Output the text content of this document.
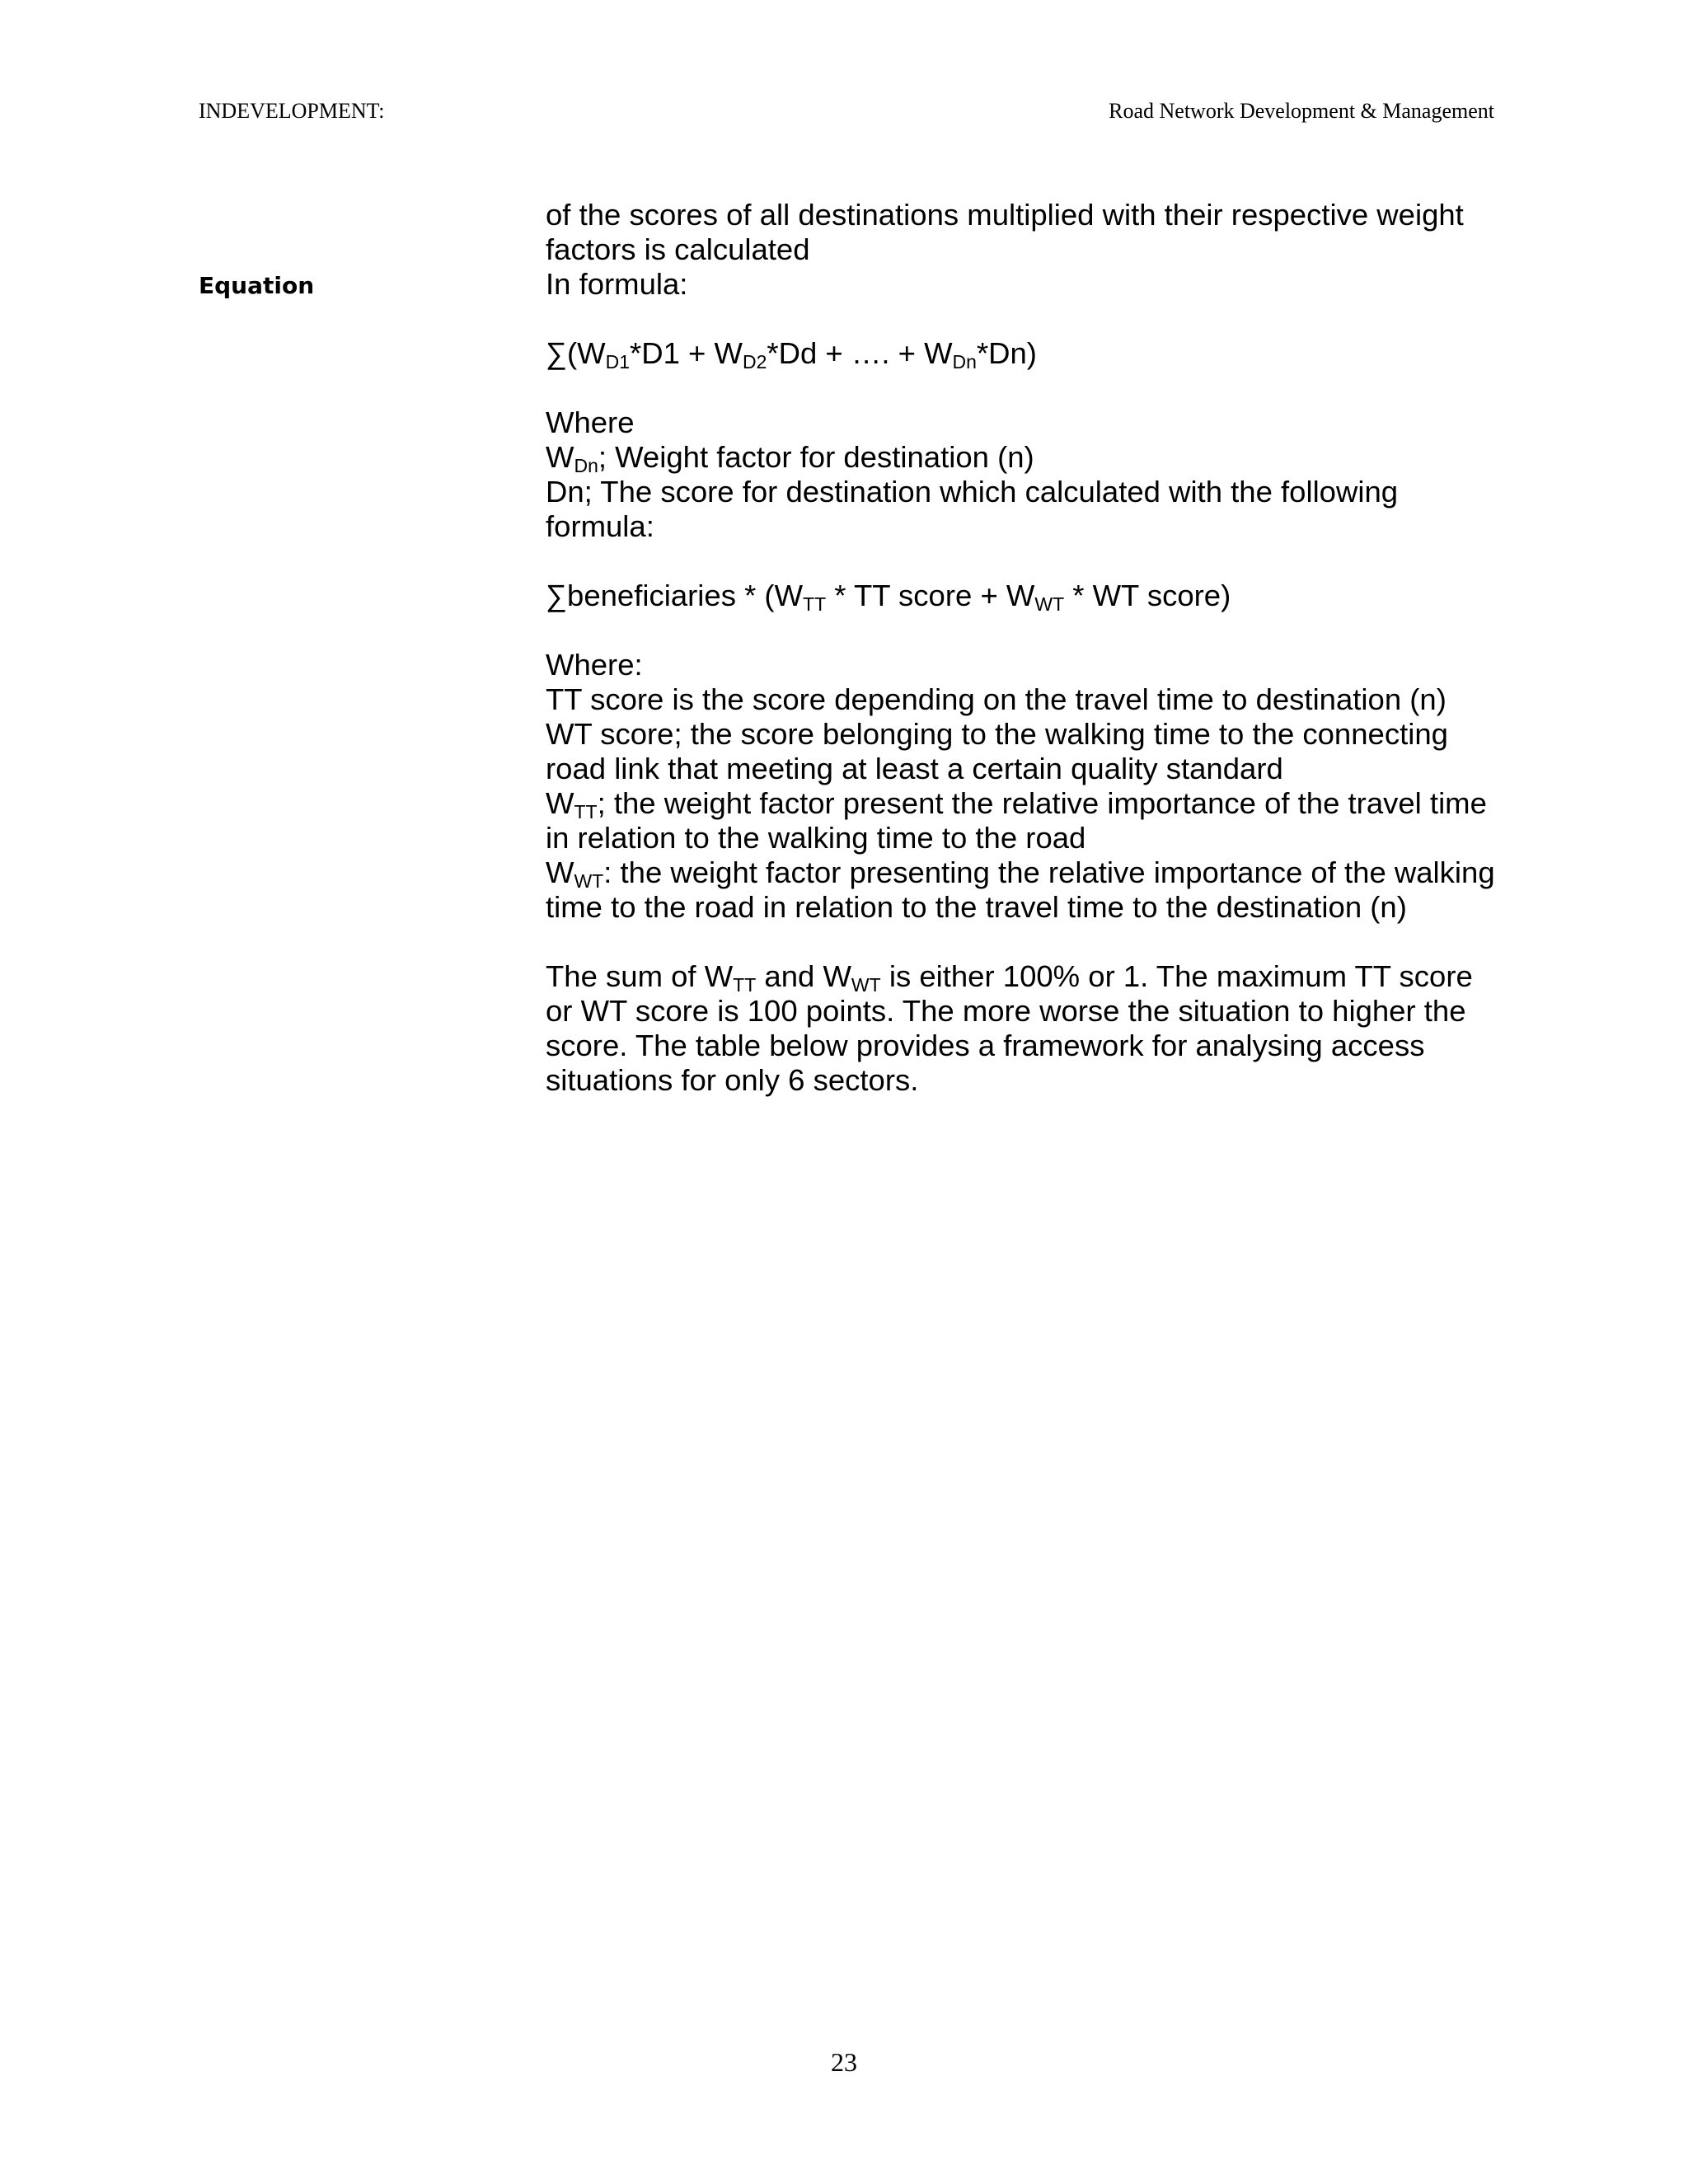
INDEVELOPMENT:	Road Network Development & Management
Equation
of the scores of all destinations multiplied with their respective weight
factors is calculated
In formula:
$\sum(W_{D1}*D1 + W_{D2}*Dd$ + …. + $W_{Dn}*Dn$)
Where
$W_{Dn}$; Weight factor for destination (n)
Dn; The score for destination which calculated with the following
formula:
∑beneficiaries * ($W_{TT}$ * TT score + $W_{WT}$ * WT score)
Where:
TT score is the score depending on the travel time to destination (n)
WT score; the score belonging to the walking time to the connecting
road link that meeting at least a certain quality standard
$W_{TT}$; the weight factor present the relative importance of the travel time
in relation to the walking time to the road
$W_{WT}$: the weight factor presenting the relative importance of the walking
time to the road in relation to the travel time to the destination (n)
The sum of $W_{TT}$ and $W_{WT}$ is either 100% or 1. The maximum TT score
or WT score is 100 points. The more worse the situation to higher the
score. The table below provides a framework for analysing access
situations for only 6 sectors.
23
